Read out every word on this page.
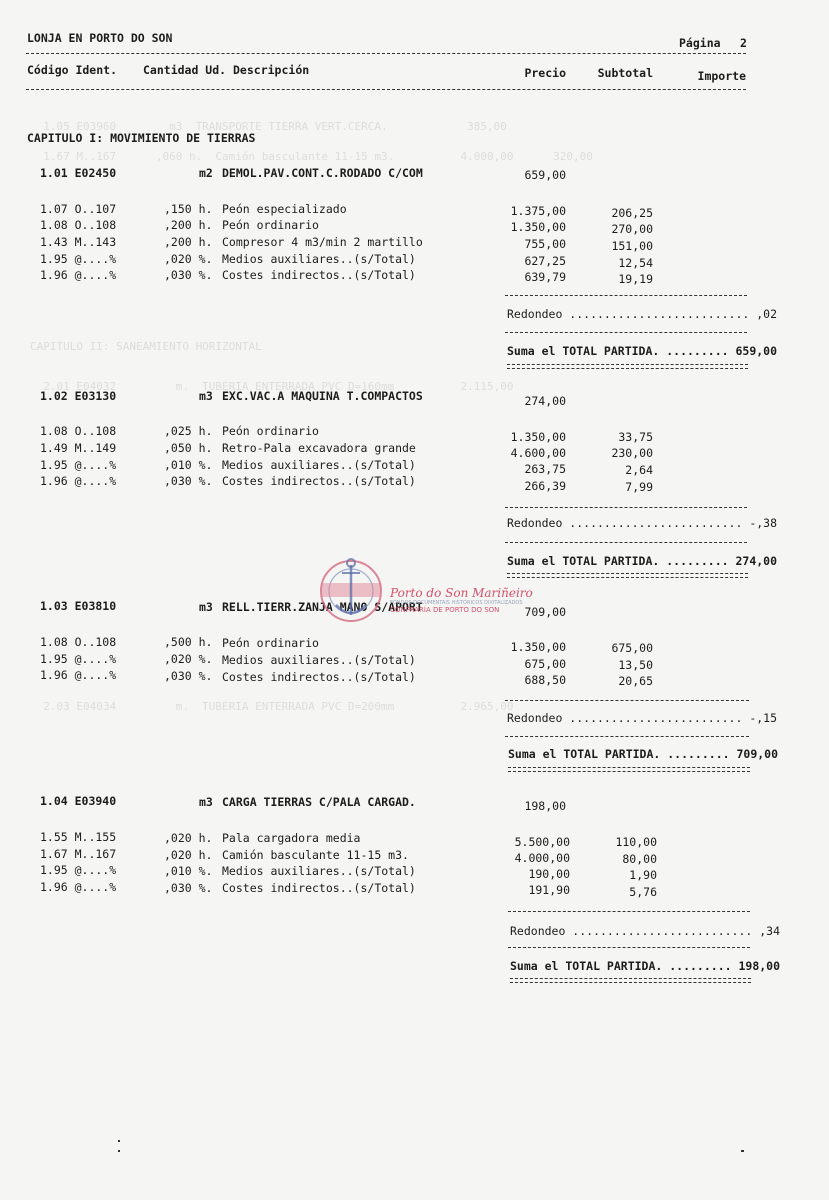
1.05 E03960        m3  TRANSPORTE TIERRA VERT.CERCA.            385,00
1.67 M..167      ,060 h.  Camión basculante 11-15 m3.          4.000,00      320,00
CAPITULO II: SANEAMIENTO HORIZONTAL
2.01 E04032         m.  TUBERIA ENTERRADA PVC D=160mm          2.115,00
2.03 E04034         m.  TUBERIA ENTERRADA PVC D=200mm          2.965,00
LONJA EN PORTO DO SON	Página 2
Código Ident. Cantidad Ud. Descripción	Precio	Subtotal	Importe
CAPITULO I: MOVIMIENTO DE TIERRAS
1.01 E02450	m2 DEMOL.PAV.CONT.C.RODADO C/COM	659,00
1.07 O..107	,150 h. Peón especializado	1.375,00	206,25
1.08 O..108	,200 h. Peón ordinario	1.350,00	270,00
1.43 M..143	,200 h. Compresor 4 m3/min 2 martillo	755,00	151,00
1.95 @....%	,020 %. Medios auxiliares..(s/Total)	627,25	12,54
1.96 @....%	,030 %. Costes indirectos..(s/Total)	639,79	19,19
Redondeo .......................... ,02
Suma el TOTAL PARTIDA. ......... 659,00
1.02 E03130	m3 EXC.VAC.A MAQUINA T.COMPACTOS	274,00
1.08 O..108	,025 h. Peón ordinario	1.350,00	33,75
1.49 M..149	,050 h. Retro-Pala excavadora grande	4.600,00	230,00
1.95 @....%	,010 %. Medios auxiliares..(s/Total)	263,75	2,64
1.96 @....%	,030 %. Costes indirectos..(s/Total)	266,39	7,99
Redondeo ......................... -,38
Suma el TOTAL PARTIDA. ......... 274,00
1.03 E03810	m3 RELL.TIERR.ZANJA MANO S/APORT	709,00
1.08 O..108	,500 h. Peón ordinario	1.350,00	675,00
1.95 @....%	,020 %. Medios auxiliares..(s/Total)	675,00	13,50
1.96 @....%	,030 %. Costes indirectos..(s/Total)	688,50	20,65
Redondeo ......................... -,15
Suma el TOTAL PARTIDA. ......... 709,00
1.04 E03940	m3 CARGA TIERRAS C/PALA CARGAD.	198,00
1.55 M..155	,020 h. Pala cargadora media	5.500,00	110,00
1.67 M..167	,020 h. Camión basculante 11-15 m3.	4.000,00	80,00
1.95 @....%	,010 %. Medios auxiliares..(s/Total)	190,00	1,90
1.96 @....%	,030 %. Costes indirectos..(s/Total)	191,90	5,76
Redondeo .......................... ,34
Suma el TOTAL PARTIDA. ......... 198,00
Porto do Son Mariñeiro
FONDOS DOCUMENTAIS HISTÓRICOS DIXITALIZADOS
CONFRARÍA DE PORTO DO SON
